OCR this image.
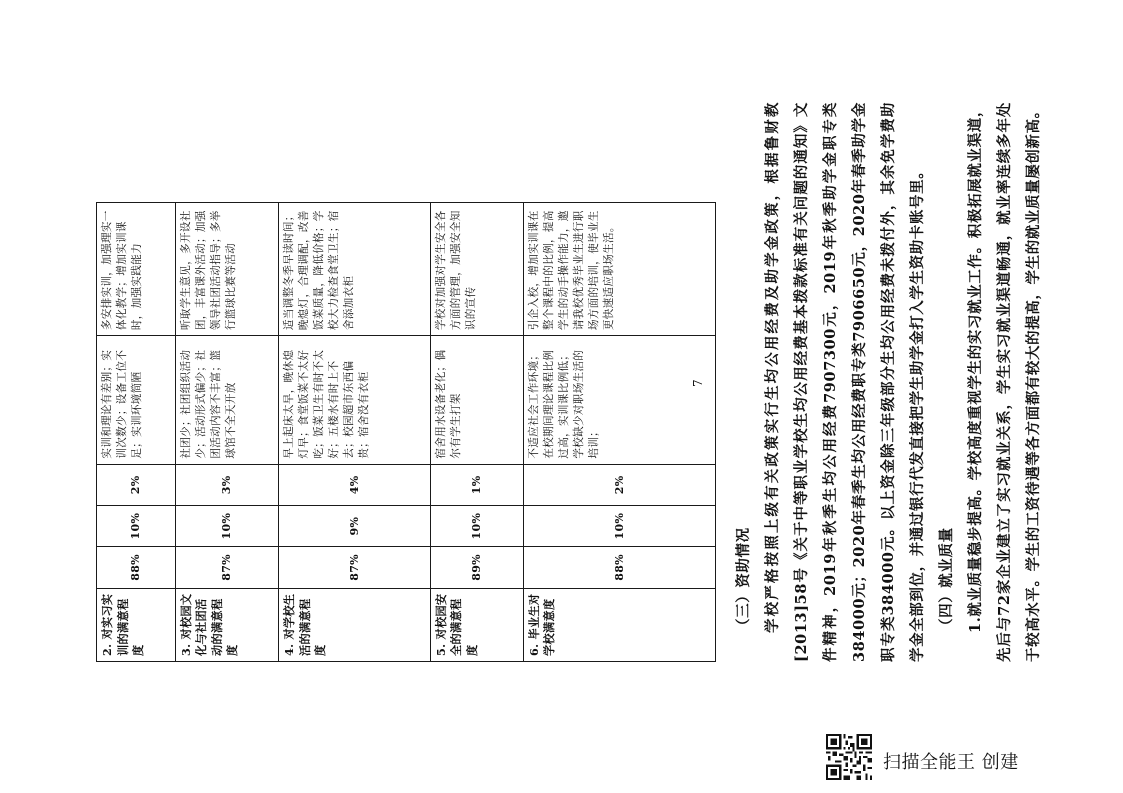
2. 对实习实训的满意程度	88%	10%	2%	实训和理论有差别；实训次数少；设备工位不足；实训环境简陋	多安排实训，加强理实一体化教学；增加实训课时，加强实践能力
3. 对校园文化与社团活动的满意程度	87%	10%	3%	社团少；社团组织活动少；活动形式偏少；社团活动内容不丰富；篮球馆不全天开放	听取学生意见，多开设社团，丰富课外活动；加强领导社团活动指导；多举行篮球比赛等活动
4. 对学校生活的满意程度	87%	9%	4%	早上起床太早，晚休熄灯早；食堂饭菜不太好吃；饭菜卫生有时不太好；五楼水有时上不去；校园超市东西偏贵；宿舍没有衣柜	适当调整冬季早读时间；晚熄灯，合理调配，改善饭菜质量，降低价格；学校大力检查食堂卫生；宿舍添加衣柜
5. 对校园安全的满意程度	89%	10%	1%	宿舍用水设备老化；偶尔有学生打架	学校对加强对学生安全各方面的管理，加强安全知识的宣传
6. 毕业生对学校满意度	88%	10%	2%	不适应社会工作环境；在校期间理论课程比例过高，实训课比例低；学校缺少对职场生活的培训；	引企入校，增加实训课在整个课程中的比例，提高学生的动手操作能力，邀请我校优秀毕业生进行职场方面的培训，使毕业生更快速适应职场生活。
7

（三）资助情况 学校严格按照上级有关政策实行生均公用经费及助学金政策，根据鲁财教[2013]58号《关于中等职业学校生均公用经费基本拨款标准有关问题的通知》文件精神，2019年秋季生均公用经费7907300元，2019年秋季助学金职专类384000元；2020年春季生均公用经费职专类7906650元，2020年春季助学金职专类384000元。以上资金除三年级部分生均公用经费未拨付外，其余免学费助学金全部到位，并通过银行代发直接把学生助学金打入学生资助卡账号里。 （四）就业质量 1.就业质量稳步提高。学校高度重视学生的实习就业工作。积极拓展就业渠道，先后与72家企业建立了实习就业关系，学生实习就业渠道畅通，就业率连续多年处于较高水平。学生的工资待遇等各方面都有较大的提高，学生的就业质量屡创新高。

扫描全能王 创建
